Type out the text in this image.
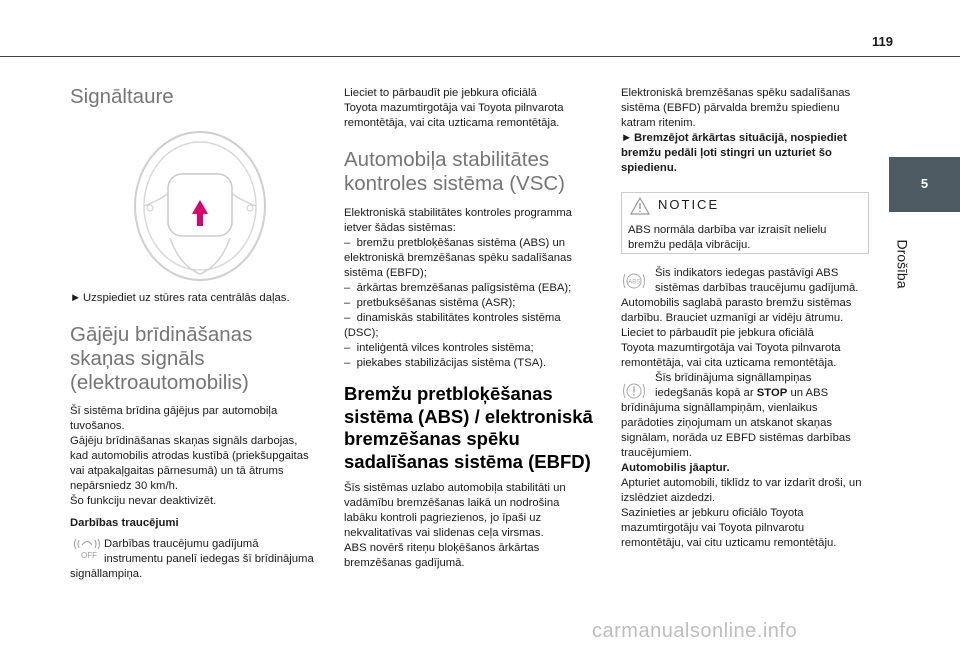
119
5
Drošība
Signāltaure

► Uzspiediet uz stūres rata centrālās daļas.

Gājēju brīdināšanas
skaņas signāls
(elektroautomobilis)

Šī sistēma brīdina gājējus par automobiļa
tuvošanos.

Gājēju brīdināšanas skaņas signāls darbojas,
kad automobilis atrodas kustībā (priekšupgaitas
vai atpakaļgaitas pārnesumā) un tā ātrums
nepārsniedz 30 km/h.

Šo funkciju nevar deaktivizēt.

Darbības traucējumi

Darbības traucējumu gadījumā
instrumentu panelī iedegas šī brīdinājuma
signāllampiņa.

OFF

Lieciet to pārbaudīt pie jebkura oficiālā
Toyota mazumtirgotāja vai Toyota pilnvarota
remontētāja, vai cita uzticama remontētāja.

Automobiļa stabilitātes
kontroles sistēma (VSC)

Elektroniskā stabilitātes kontroles programma
ietver šādas sistēmas:

–  bremžu pretbloķēšanas sistēma (ABS) un
elektroniskā bremzēšanas spēku sadalīšanas
sistēma (EBFD);

–  ārkārtas bremzēšanas palīgsistēma (EBA);

–  pretbuksēšanas sistēma (ASR);

–  dinamiskās stabilitātes kontroles sistēma
(DSC);

–  inteliģentā vilces kontroles sistēma;

–  piekabes stabilizācijas sistēma (TSA).

Bremžu pretbloķēšanas
sistēma (ABS) / elektroniskā
bremzēšanas spēku
sadalīšanas sistēma (EBFD)

Šīs sistēmas uzlabo automobiļa stabilitāti un
vadāmību bremzēšanas laikā un nodrošina
labāku kontroli pagriezienos, jo īpaši uz
nekvalitatīvas vai slidenas ceļa virsmas.

ABS novērš riteņu bloķēšanos ārkārtas
bremzēšanas gadījumā.

Elektroniskā bremzēšanas spēku sadalīšanas
sistēma (EBFD) pārvalda bremžu spiedienu
katram ritenim.

► Bremzējot ārkārtas situācijā, nospiediet
bremžu pedāli ļoti stingri un uzturiet šo
spiedienu.

NOTICE
ABS normāla darbība var izraisīt nelielu
bremžu pedāļa vibrāciju.
ABS

Šis indikators iedegas pastāvīgi ABS
sistēmas darbības traucējumu gadījumā.
Automobilis saglabā parasto bremžu sistēmas
darbību. Brauciet uzmanīgi ar vidēju ātrumu.
Lieciet to pārbaudīt pie jebkura oficiālā
Toyota mazumtirgotāja vai Toyota pilnvarota
remontētāja, vai cita uzticama remontētāja.

Šīs brīdinājuma signāllampiņas
iedegšanās kopā ar STOP un ABS
brīdinājuma signāllampiņām, vienlaikus
parādoties ziņojumam un atskanot skaņas
signālam, norāda uz EBFD sistēmas darbības
traucējumiem.

Automobilis jāaptur.

Apturiet automobili, tiklīdz to var izdarīt droši, un
izslēdziet aizdedzi.
Sazinieties ar jebkuru oficiālo Toyota
mazumtirgotāju vai Toyota pilnvarotu
remontētāju, vai citu uzticamu remontētāju.

carmanualsonline.info
